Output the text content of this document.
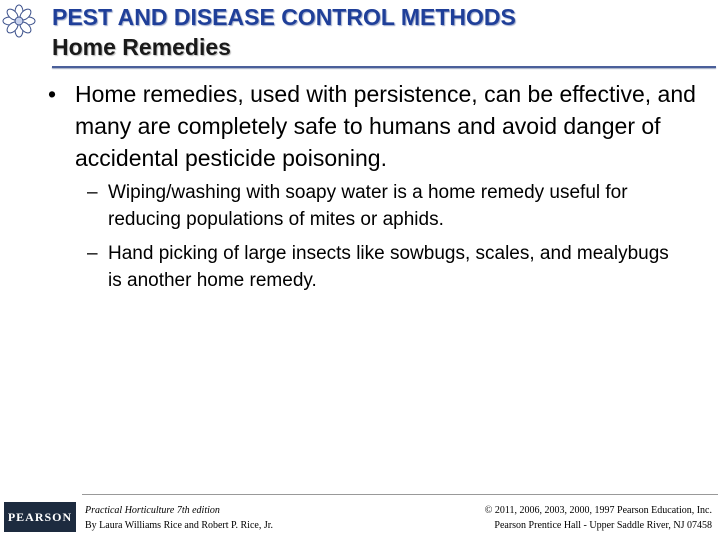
PEST AND DISEASE CONTROL METHODS
Home Remedies
• Home remedies, used with persistence, can be effective, and many are completely safe to humans and avoid danger of accidental pesticide poisoning.
– Wiping/washing with soapy water is a home remedy useful for reducing populations of mites or aphids.
– Hand picking of large insects like sowbugs, scales, and mealybugs is another home remedy.
PEARSON Practical Horticulture 7th edition
By Laura Williams Rice and Robert P. Rice, Jr.
© 2011, 2006, 2003, 2000, 1997 Pearson Education, Inc.
Pearson Prentice Hall - Upper Saddle River, NJ 07458
